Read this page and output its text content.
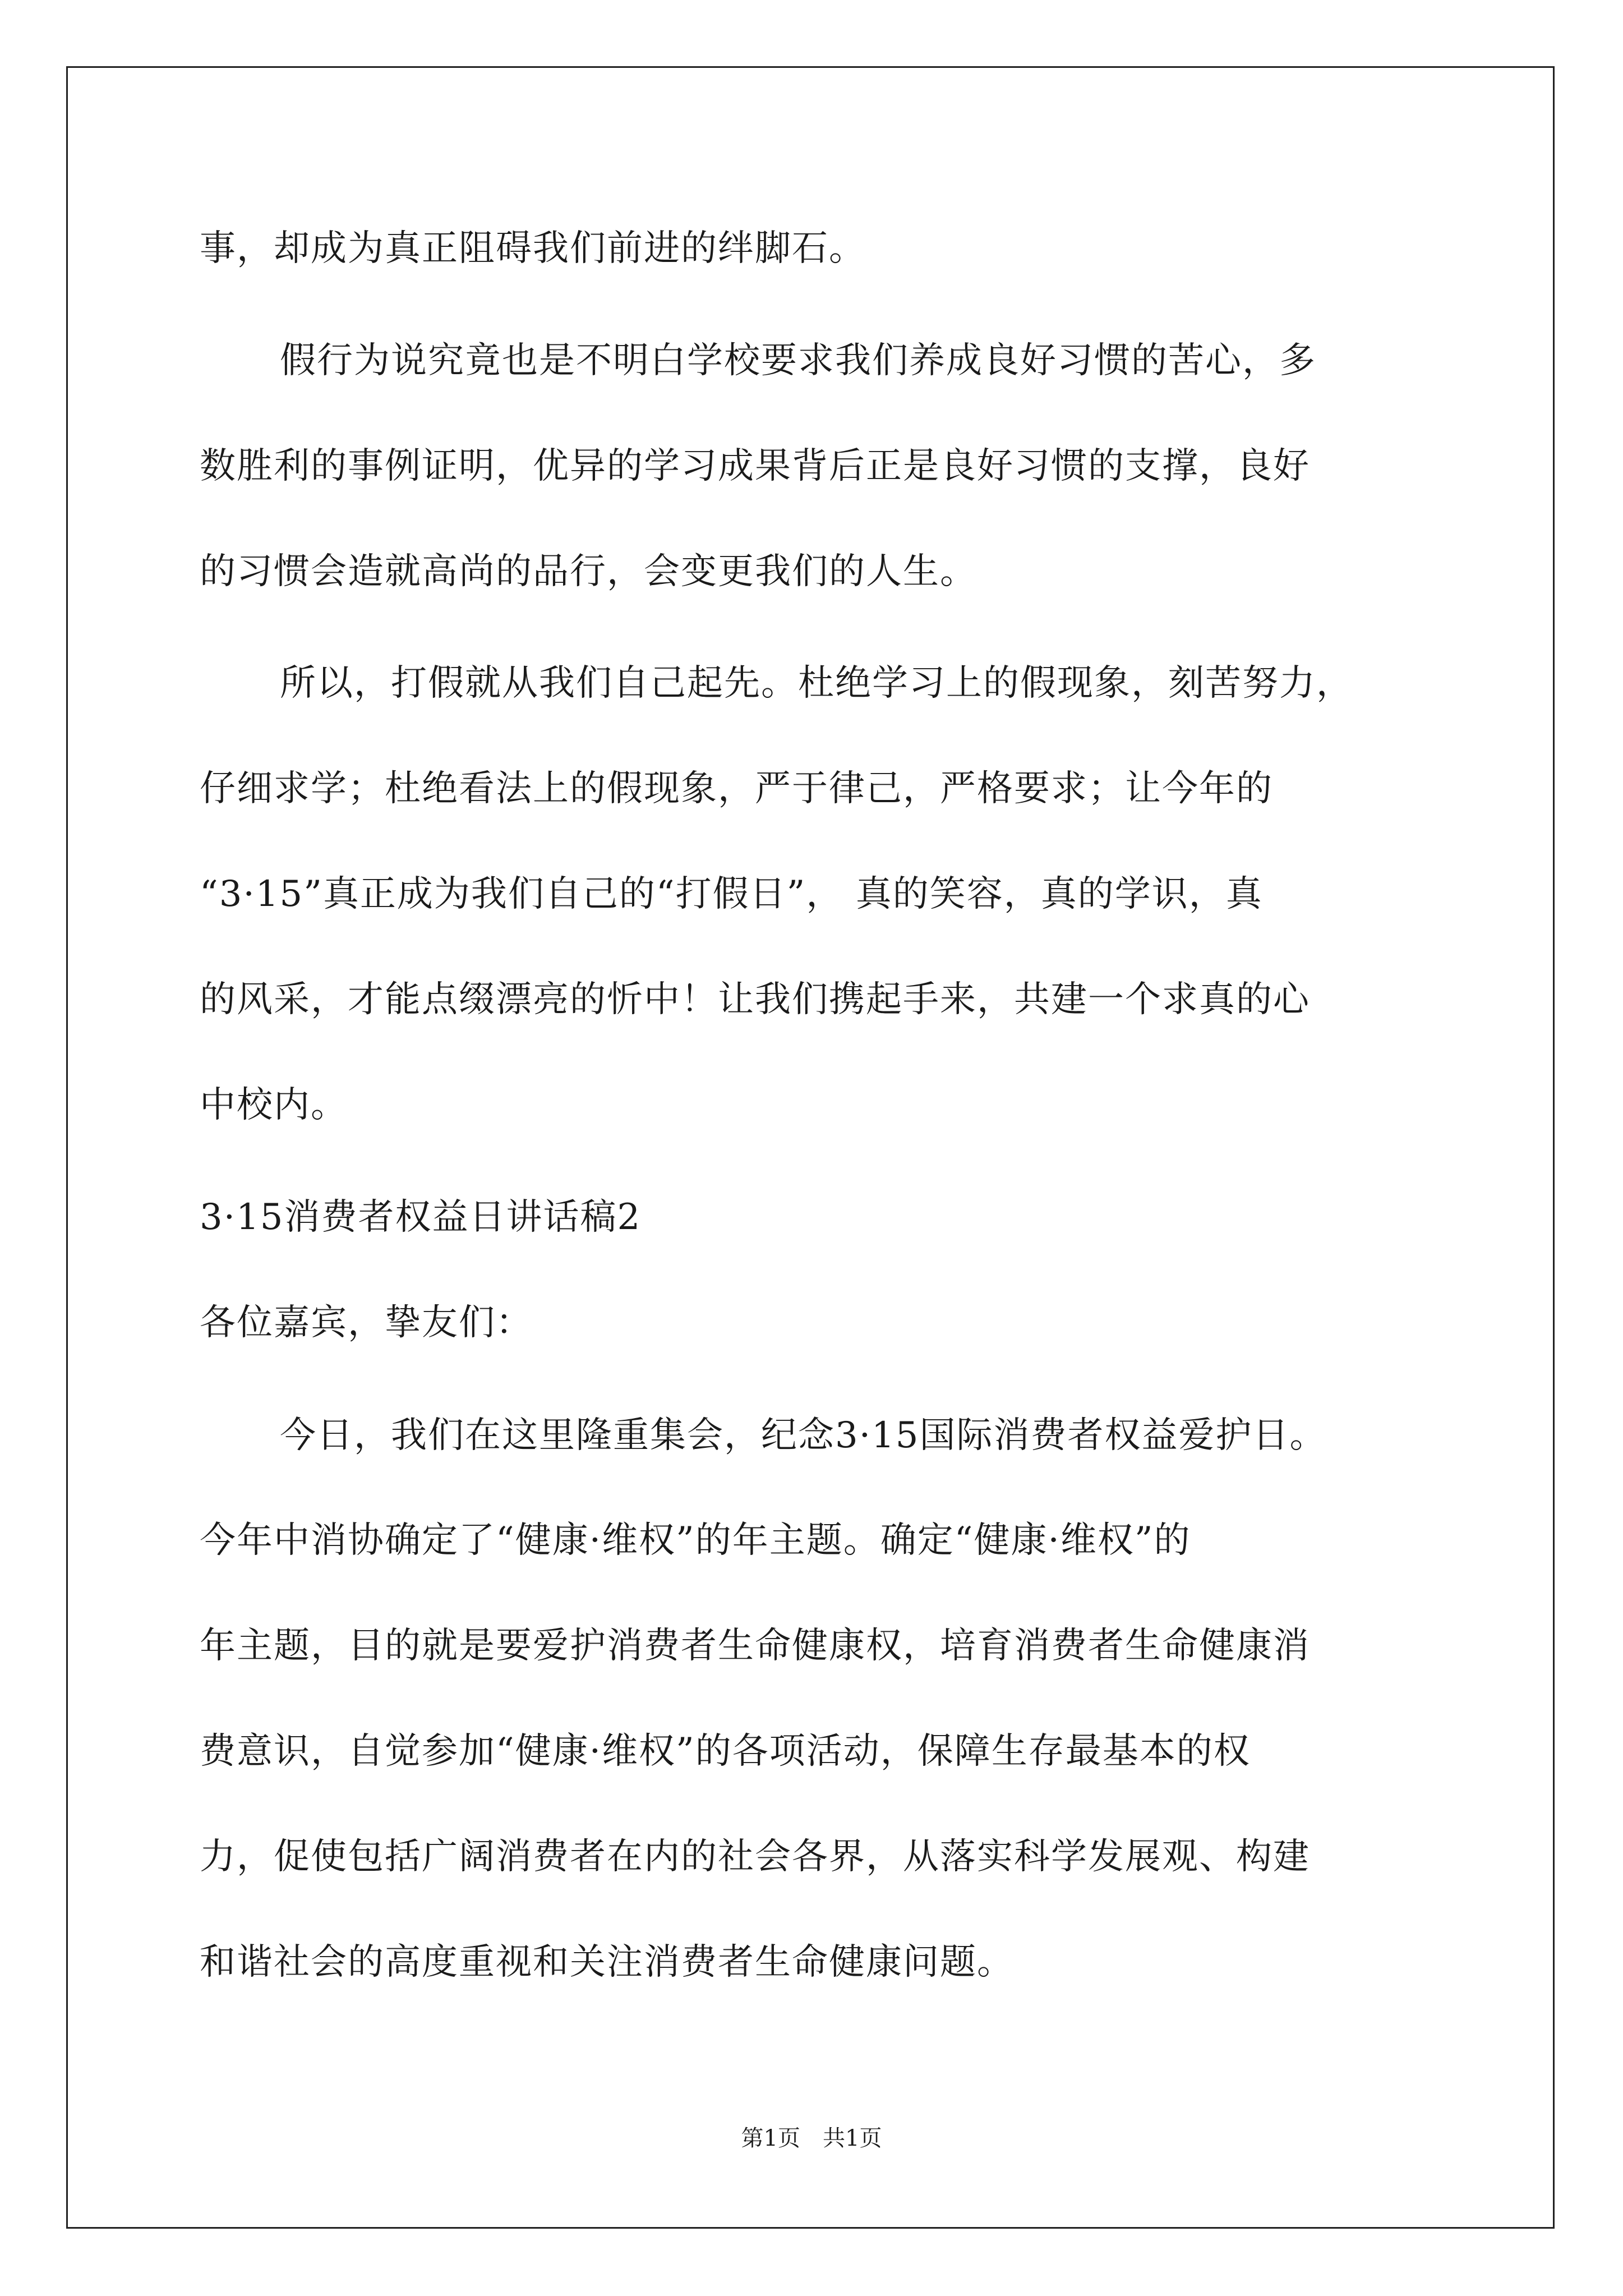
事，却成为真正阻碍我们前进的绊脚石。
假行为说究竟也是不明白学校要求我们养成良好习惯的苦心，多
数胜利的事例证明，优异的学习成果背后正是良好习惯的支撑，良好
的习惯会造就高尚的品行，会变更我们的人生。
所以，打假就从我们自己起先。杜绝学习上的假现象，刻苦努力，
仔细求学；杜绝看法上的假现象，严于律己，严格要求；让今年的
“3·15”真正成为我们自己的“打假日”， 真的笑容，真的学识，真
的风采，才能点缀漂亮的忻中！让我们携起手来，共建一个求真的心
中校内。
3·15消费者权益日讲话稿2
各位嘉宾，挚友们：
今日，我们在这里隆重集会，纪念3·15国际消费者权益爱护日。
今年中消协确定了“健康·维权”的年主题。确定“健康·维权”的
年主题，目的就是要爱护消费者生命健康权，培育消费者生命健康消
费意识，自觉参加“健康·维权”的各项活动，保障生存最基本的权
力，促使包括广阔消费者在内的社会各界，从落实科学发展观、构建
和谐社会的高度重视和关注消费者生命健康问题。
第1页　共1页
